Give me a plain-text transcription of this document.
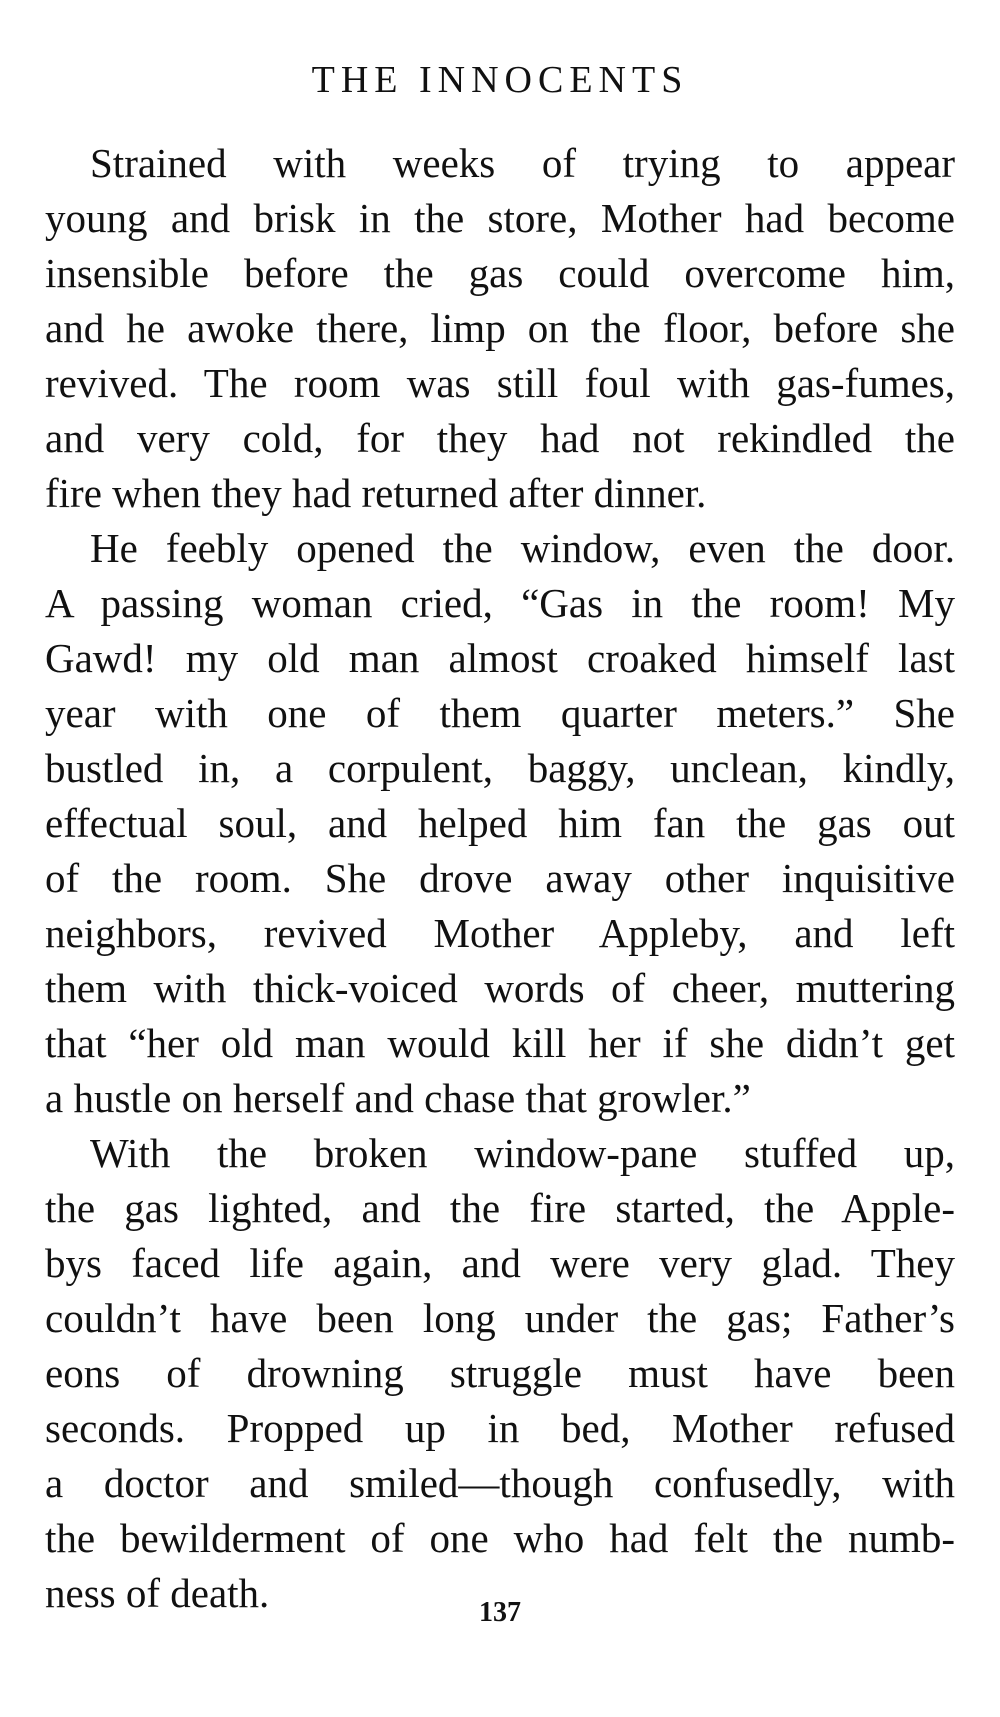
THE INNOCENTS

Strained with weeks of trying to appear
young and brisk in the store, Mother had become
insensible before the gas could overcome him,
and he awoke there, limp on the floor, before she
revived. The room was still foul with gas-fumes,
and very cold, for they had not rekindled the
fire when they had returned after dinner.

He feebly opened the window, even the door.
A passing woman cried, “Gas in the room! My
Gawd! my old man almost croaked himself last
year with one of them quarter meters.” She
bustled in, a corpulent, baggy, unclean, kindly,
effectual soul, and helped him fan the gas out
of the room. She drove away other inquisitive
neighbors, revived Mother Appleby, and left
them with thick-voiced words of cheer, muttering
that “her old man would kill her if she didn’t get
a hustle on herself and chase that growler.”

With the broken window-pane stuffed up,
the gas lighted, and the fire started, the Apple-
bys faced life again, and were very glad. They
couldn’t have been long under the gas; Father’s
eons of drowning struggle must have been
seconds. Propped up in bed, Mother refused
a doctor and smiled—though confusedly, with
the bewilderment of one who had felt the numb-
ness of death.	137
